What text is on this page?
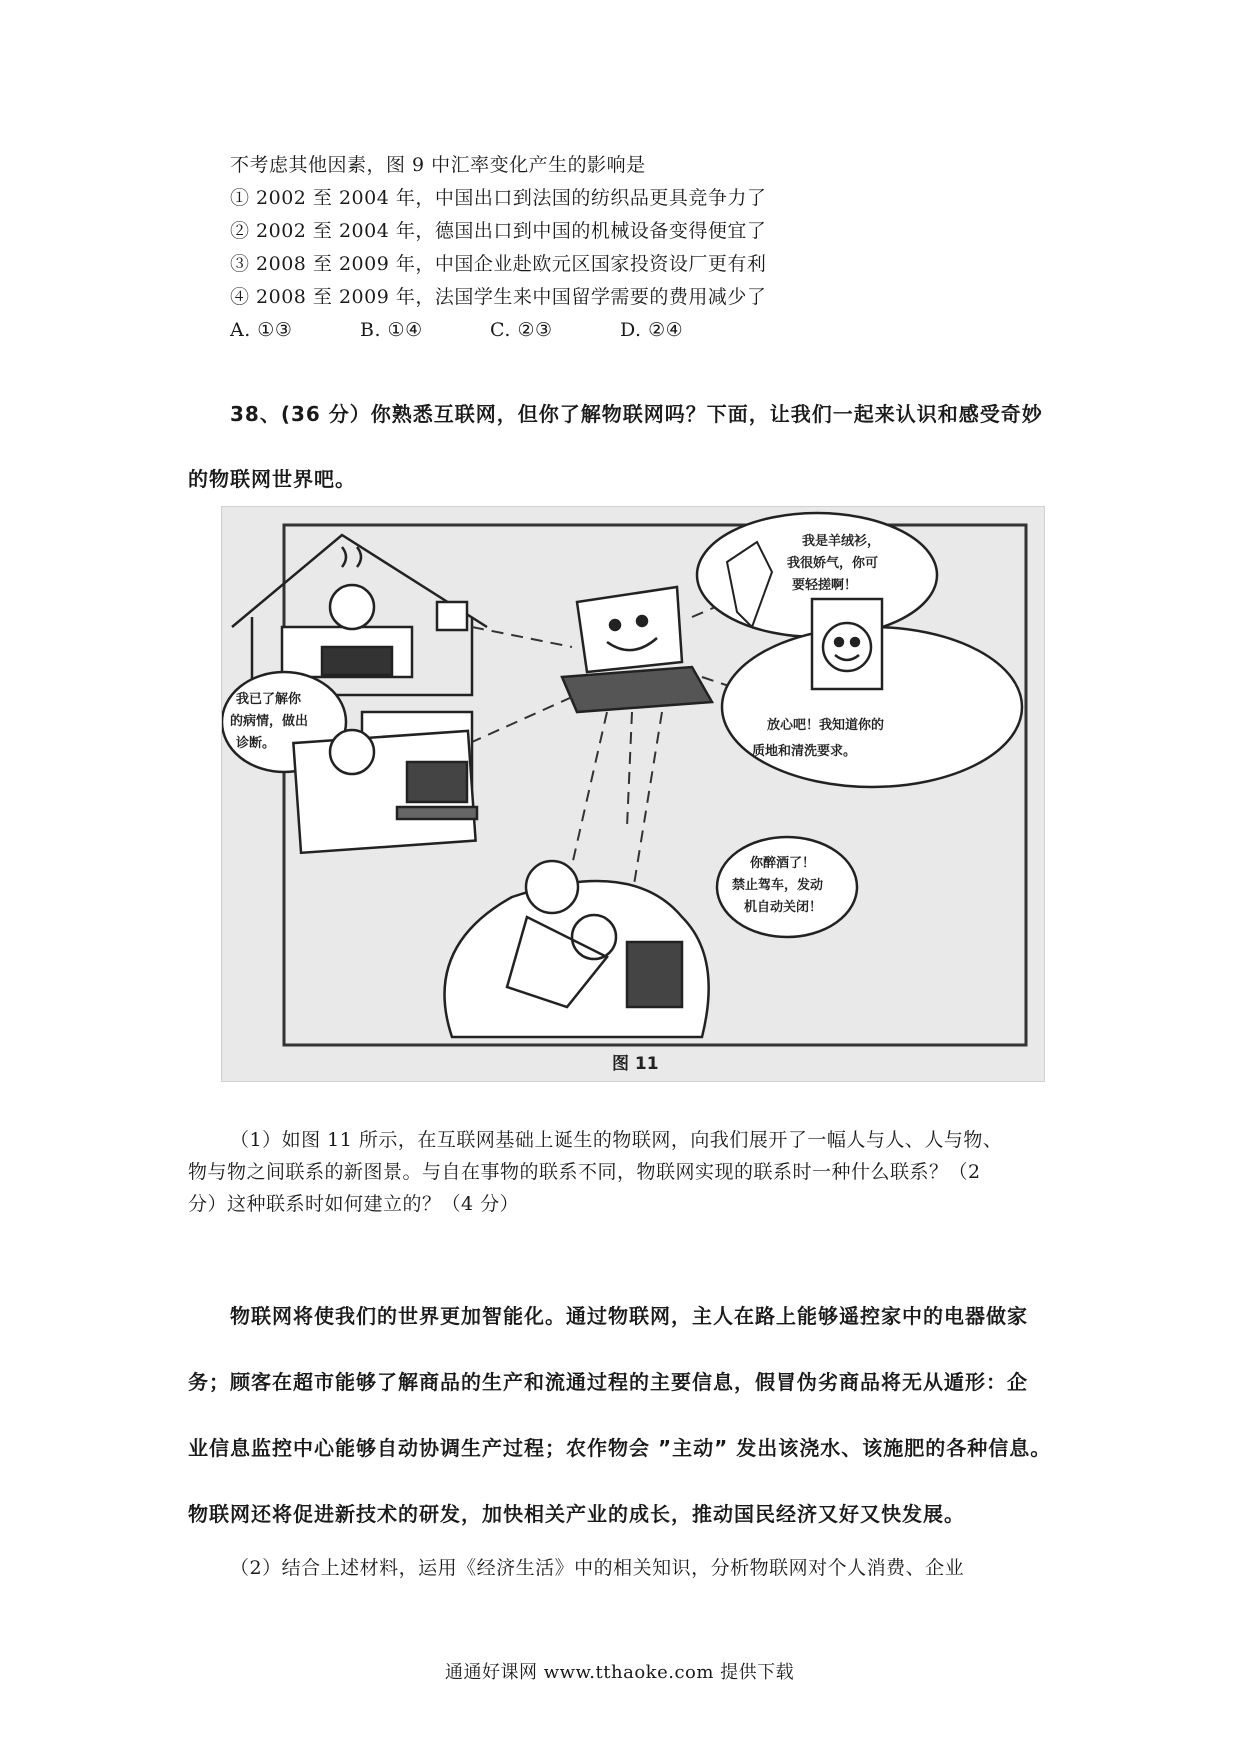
不考虑其他因素，图 9 中汇率变化产生的影响是
① 2002 至 2004 年，中国出口到法国的纺织品更具竞争力了
② 2002 至 2004 年，德国出口到中国的机械设备变得便宜了
③ 2008 至 2009 年，中国企业赴欧元区国家投资设厂更有利
④ 2008 至 2009 年，法国学生来中国留学需要的费用减少了
A. ①③	B. ①④	C. ②③	D. ②④
38、(36 分）你熟悉互联网，但你了解物联网吗？下面，让我们一起来认识和感受奇妙
的物联网世界吧。
我是羊绒衫，
我很娇气，你可
要轻搓啊！
放心吧！我知道你的
质地和清洗要求。
我已了解你
的病情，做出
诊断。
你醉酒了！
禁止驾车，发动
机自动关闭！
图 11
（1）如图 11 所示，在互联网基础上诞生的物联网，向我们展开了一幅人与人、人与物、
物与物之间联系的新图景。与自在事物的联系不同，物联网实现的联系时一种什么联系？（2
分）这种联系时如何建立的？（4 分）
物联网将使我们的世界更加智能化。通过物联网，主人在路上能够遥控家中的电器做家
务；顾客在超市能够了解商品的生产和流通过程的主要信息，假冒伪劣商品将无从遁形：企
业信息监控中心能够自动协调生产过程；农作物会 ”主动” 发出该浇水、该施肥的各种信息。
物联网还将促进新技术的研发，加快相关产业的成长，推动国民经济又好又快发展。
（2）结合上述材料，运用《经济生活》中的相关知识，分析物联网对个人消费、企业
通通好课网 www.tthaoke.com 提供下载
